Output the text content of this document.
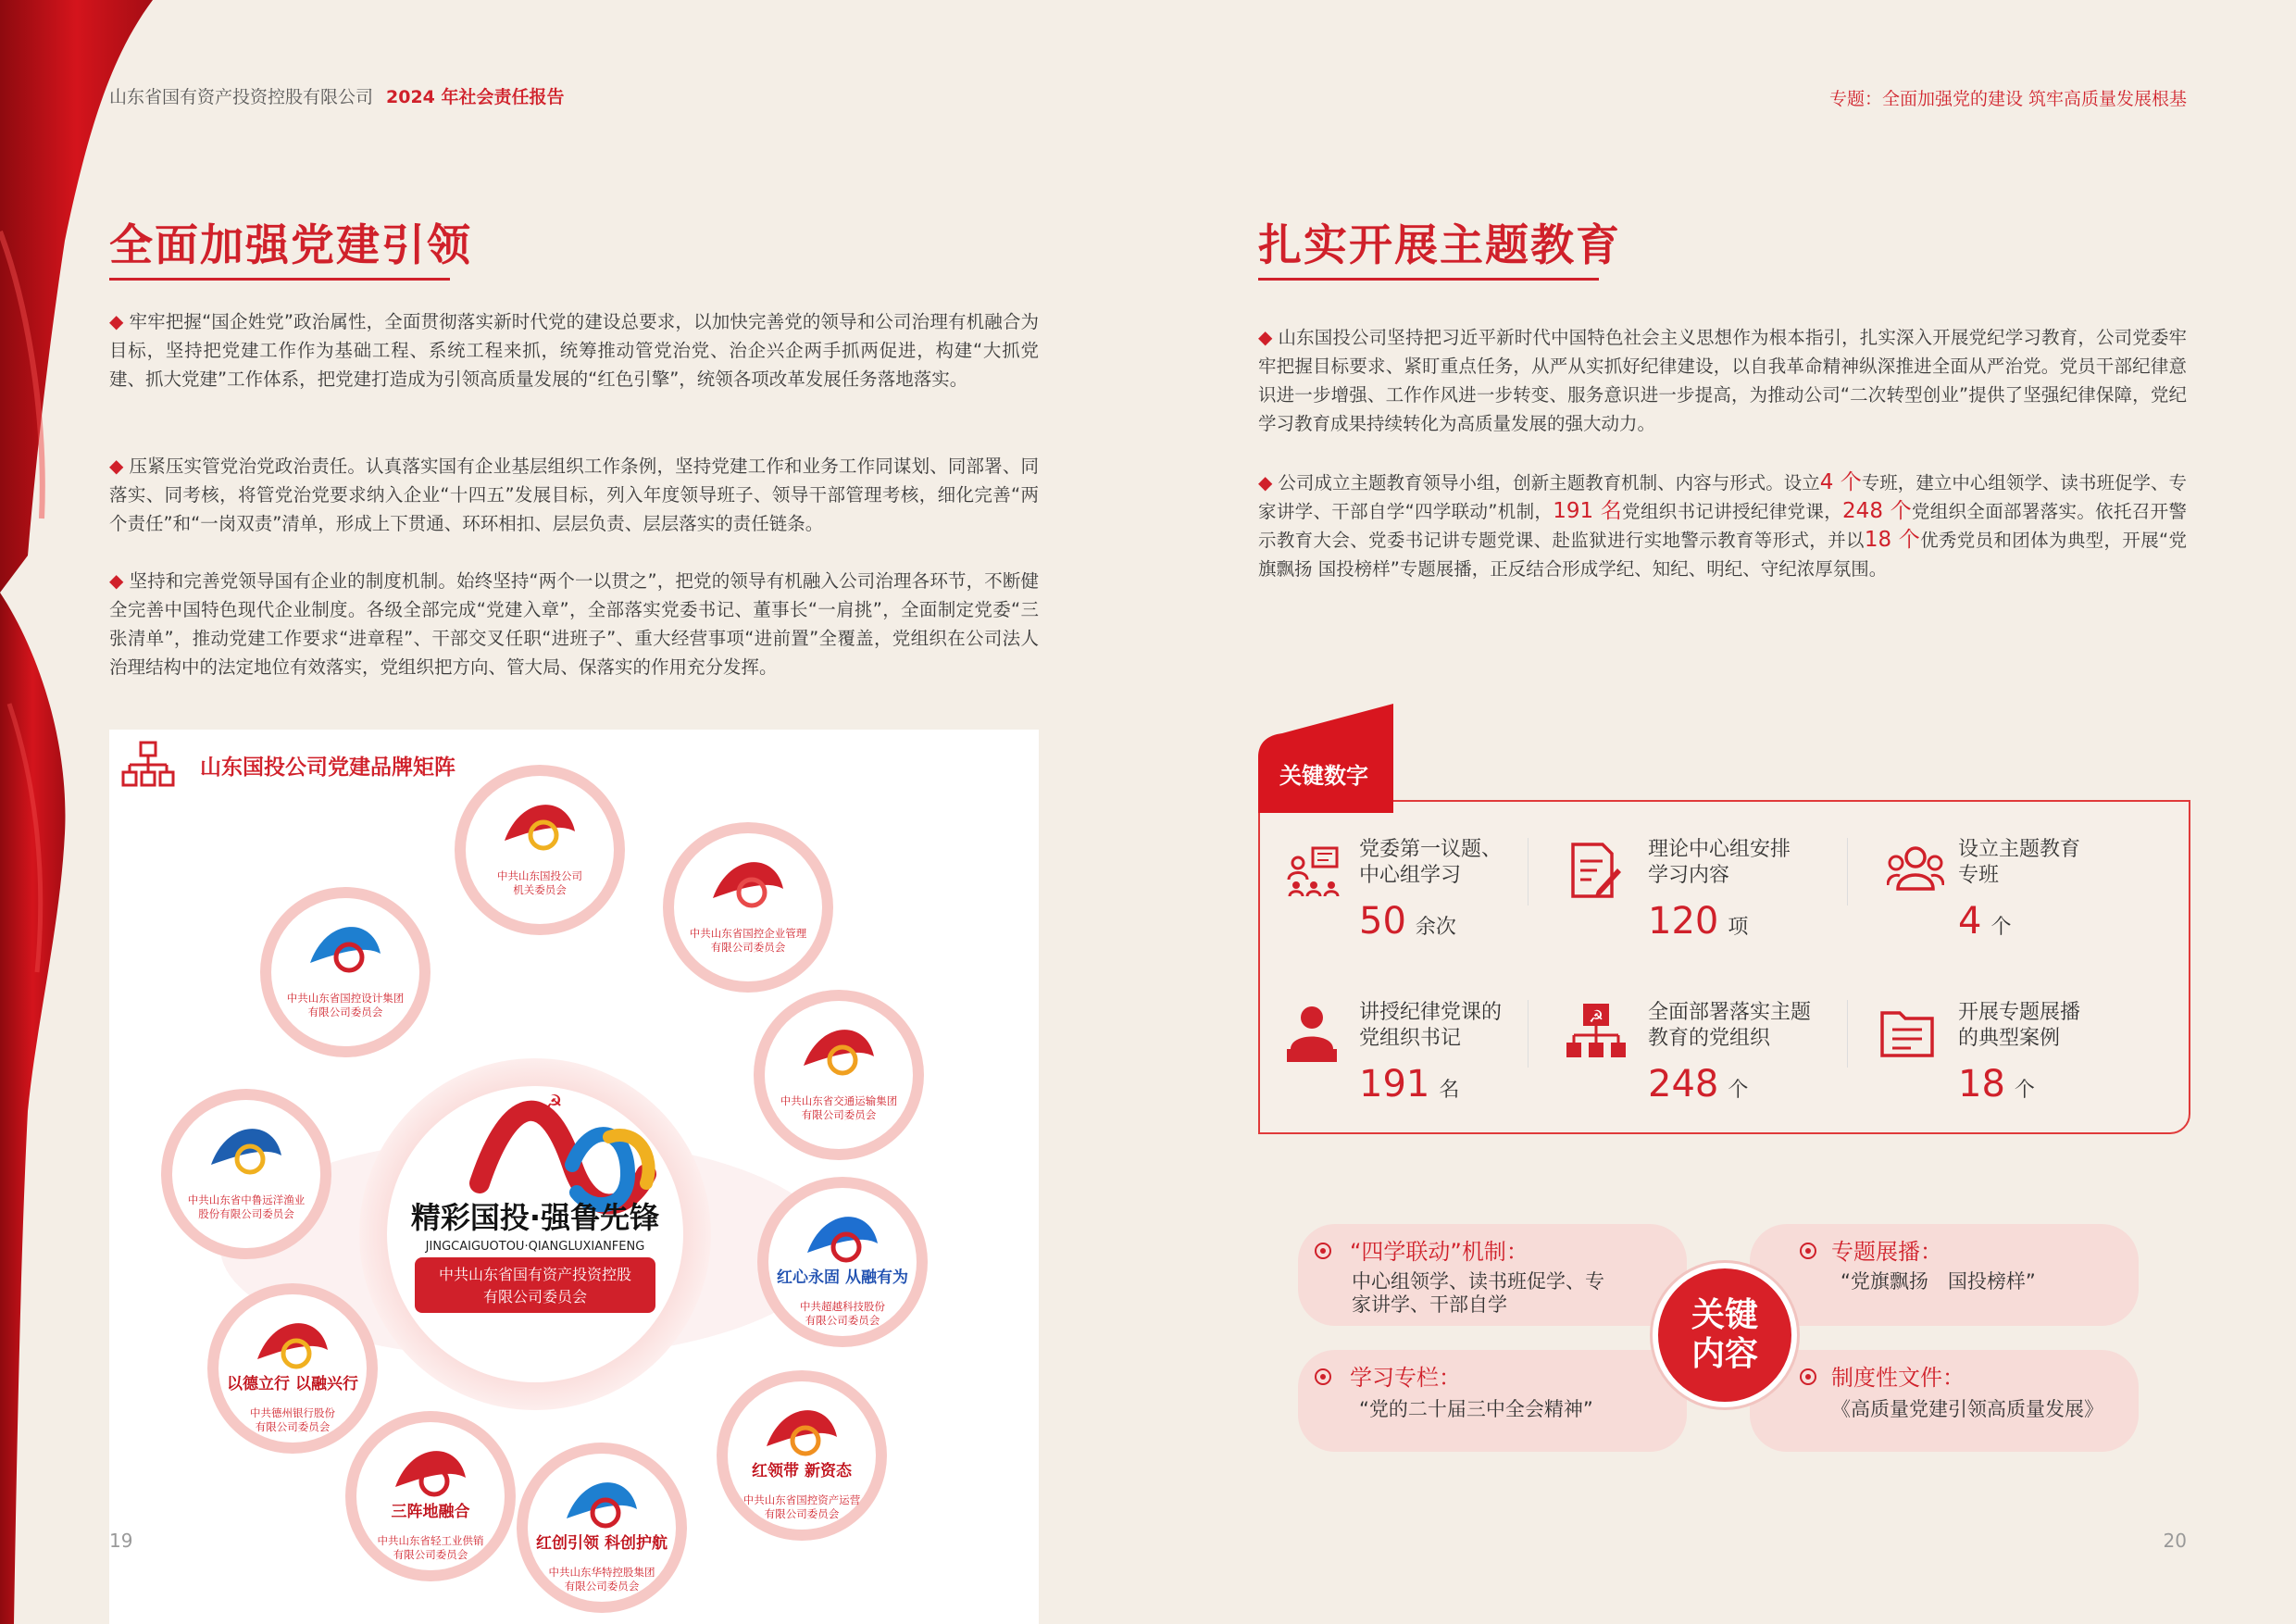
山东省国有资产投资控股有限公司 2024 年社会责任报告	专题：全面加强党的建设 筑牢高质量发展根基
全面加强党建引领
◆ 牢牢把握“国企姓党”政治属性，全面贯彻落实新时代党的建设总要求，以加快完善党的领导和公司治理有机融合为目标，坚持把党建工作作为基础工程、系统工程来抓，统筹推动管党治党、治企兴企两手抓两促进，构建“大抓党建、抓大党建”工作体系，把党建打造成为引领高质量发展的“红色引擎”，统领各项改革发展任务落地落实。
◆ 压紧压实管党治党政治责任。认真落实国有企业基层组织工作条例，坚持党建工作和业务工作同谋划、同部署、同落实、同考核，将管党治党要求纳入企业“十四五”发展目标，列入年度领导班子、领导干部管理考核，细化完善“两个责任”和“一岗双责”清单，形成上下贯通、环环相扣、层层负责、层层落实的责任链条。
◆ 坚持和完善党领导国有企业的制度机制。始终坚持“两个一以贯之”，把党的领导有机融入公司治理各环节，不断健全完善中国特色现代企业制度。各级全部完成“党建入章”，全部落实党委书记、董事长“一肩挑”，全面制定党委“三张清单”，推动党建工作要求“进章程”、干部交叉任职“进班子”、重大经营事项“进前置”全覆盖，党组织在公司法人治理结构中的法定地位有效落实，党组织把方向、管大局、保落实的作用充分发挥。
山东国投公司党建品牌矩阵
☭
精彩国投·强鲁先锋
JINGCAIGUOTOU·QIANGLUXIANFENG
中共山东省国有资产投资控股
有限公司委员会
中共山东国投公司
机关委员会
中共山东省国控企业管理
有限公司委员会
中共山东省交通运输集团
有限公司委员会
红心永固 从融有为
中共超越科技股份
有限公司委员会
红领带 新资态
中共山东省国控资产运营
有限公司委员会
红创引领 科创护航
中共山东华特控股集团
有限公司委员会
三阵地融合
中共山东省轻工业供销
有限公司委员会
以德立行 以融兴行
中共德州银行股份
有限公司委员会
中共山东省中鲁远洋渔业
股份有限公司委员会
中共山东省国控设计集团
有限公司委员会
19
扎实开展主题教育
◆ 山东国投公司坚持把习近平新时代中国特色社会主义思想作为根本指引，扎实深入开展党纪学习教育，公司党委牢牢把握目标要求、紧盯重点任务，从严从实抓好纪律建设，以自我革命精神纵深推进全面从严治党。党员干部纪律意识进一步增强、工作作风进一步转变、服务意识进一步提高，为推动公司“二次转型创业”提供了坚强纪律保障，党纪学习教育成果持续转化为高质量发展的强大动力。
◆ 公司成立主题教育领导小组，创新主题教育机制、内容与形式。设立4 个专班，建立中心组领学、读书班促学、专家讲学、干部自学“四学联动”机制，191 名党组织书记讲授纪律党课，248 个党组织全面部署落实。依托召开警示教育大会、党委书记讲专题党课、赴监狱进行实地警示教育等形式，并以18 个优秀党员和团体为典型，开展“党旗飘扬 国投榜样”专题展播，正反结合形成学纪、知纪、明纪、守纪浓厚氛围。
关键数字
☭
党委第一议题、
中心组学习
50 余次
理论中心组安排
学习内容
120 项
设立主题教育
专班
4 个
讲授纪律党课的
党组织书记
191 名
全面部署落实主题
教育的党组织
248 个
开展专题展播
的典型案例
18 个
“四学联动”机制：
中心组领学、读书班促学、专
家讲学、干部自学
专题展播：
“党旗飘扬　国投榜样”
学习专栏：
“党的二十届三中全会精神”
制度性文件：
《高质量党建引领高质量发展》
关键
内容
20
